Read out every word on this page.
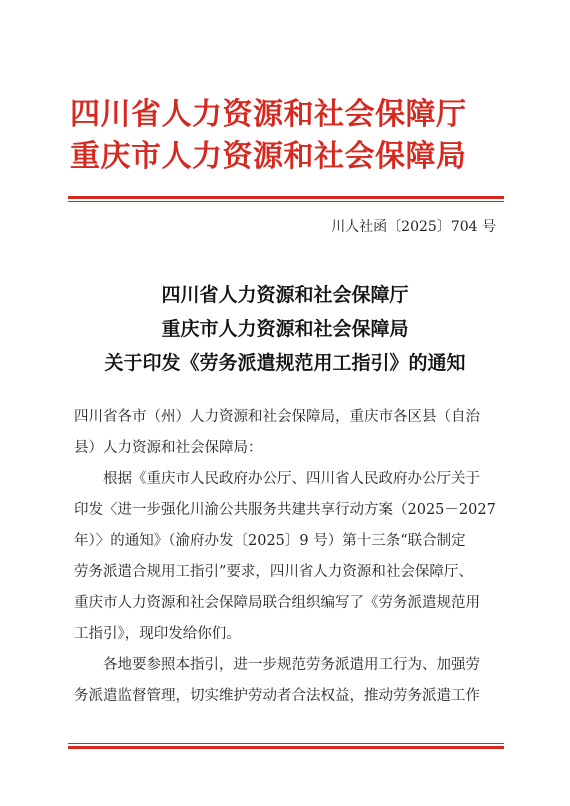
四川省人力资源和社会保障厅
重庆市人力资源和社会保障局
川人社函〔2025〕704 号
四川省人力资源和社会保障厅
重庆市人力资源和社会保障局
关于印发《劳务派遣规范用工指引》的通知
四川省各市（州）人力资源和社会保障局，重庆市各区县（自治
县）人力资源和社会保障局：
根据《重庆市人民政府办公厅、四川省人民政府办公厅关于
印发〈进一步强化川渝公共服务共建共享行动方案（2025－2027
年）〉的通知》（渝府办发〔2025〕9 号）第十三条“联合制定
劳务派遣合规用工指引”要求，四川省人力资源和社会保障厅、
重庆市人力资源和社会保障局联合组织编写了《劳务派遣规范用
工指引》，现印发给你们。
各地要参照本指引，进一步规范劳务派遣用工行为、加强劳
务派遣监督管理，切实维护劳动者合法权益，推动劳务派遣工作
